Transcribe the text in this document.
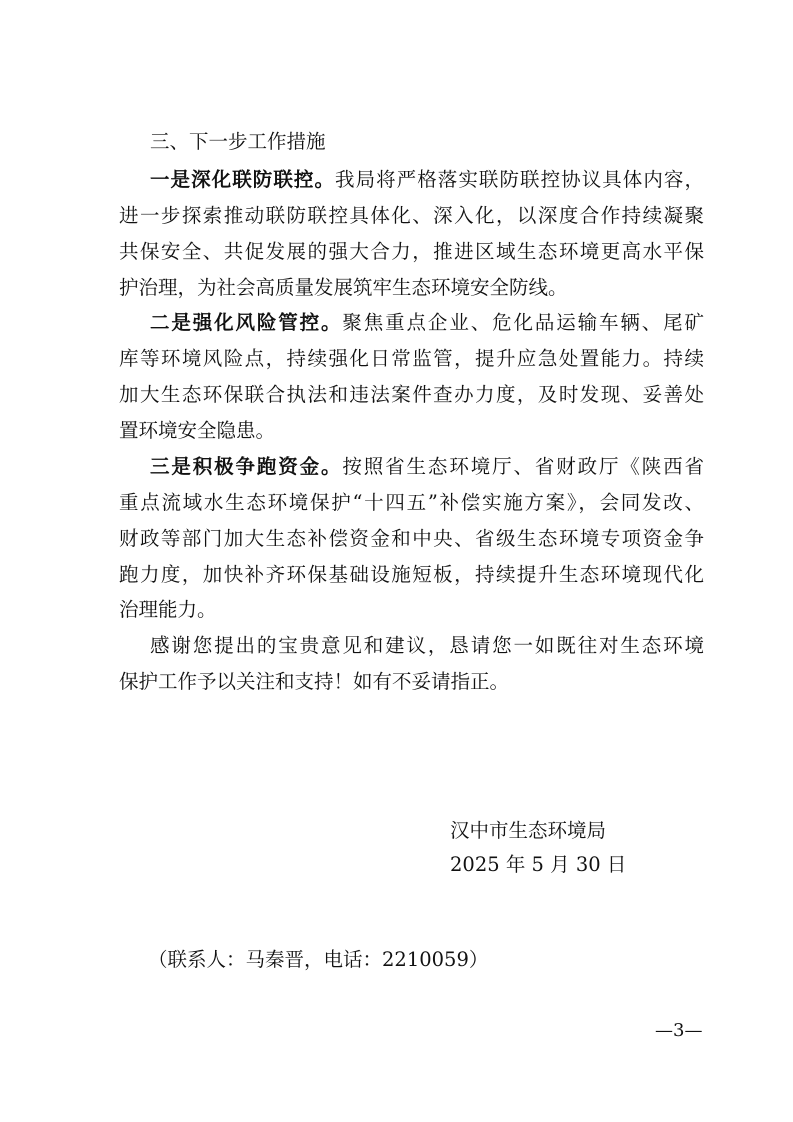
三、下一步工作措施
一是深化联防联控。我局将严格落实联防联控协议具体内容，
进一步探索推动联防联控具体化、深入化，以深度合作持续凝聚
共保安全、共促发展的强大合力，推进区域生态环境更高水平保
护治理，为社会高质量发展筑牢生态环境安全防线。
二是强化风险管控。聚焦重点企业、危化品运输车辆、尾矿
库等环境风险点，持续强化日常监管，提升应急处置能力。持续
加大生态环保联合执法和违法案件查办力度，及时发现、妥善处
置环境安全隐患。
三是积极争跑资金。按照省生态环境厅、省财政厅《陕西省
重点流域水生态环境保护“十四五”补偿实施方案》，会同发改、
财政等部门加大生态补偿资金和中央、省级生态环境专项资金争
跑力度，加快补齐环保基础设施短板，持续提升生态环境现代化
治理能力。
感谢您提出的宝贵意见和建议，恳请您一如既往对生态环境
保护工作予以关注和支持！如有不妥请指正。
汉中市生态环境局
2025 年 5 月 30 日
（联系人：马秦晋，电话：2210059）
—3—
